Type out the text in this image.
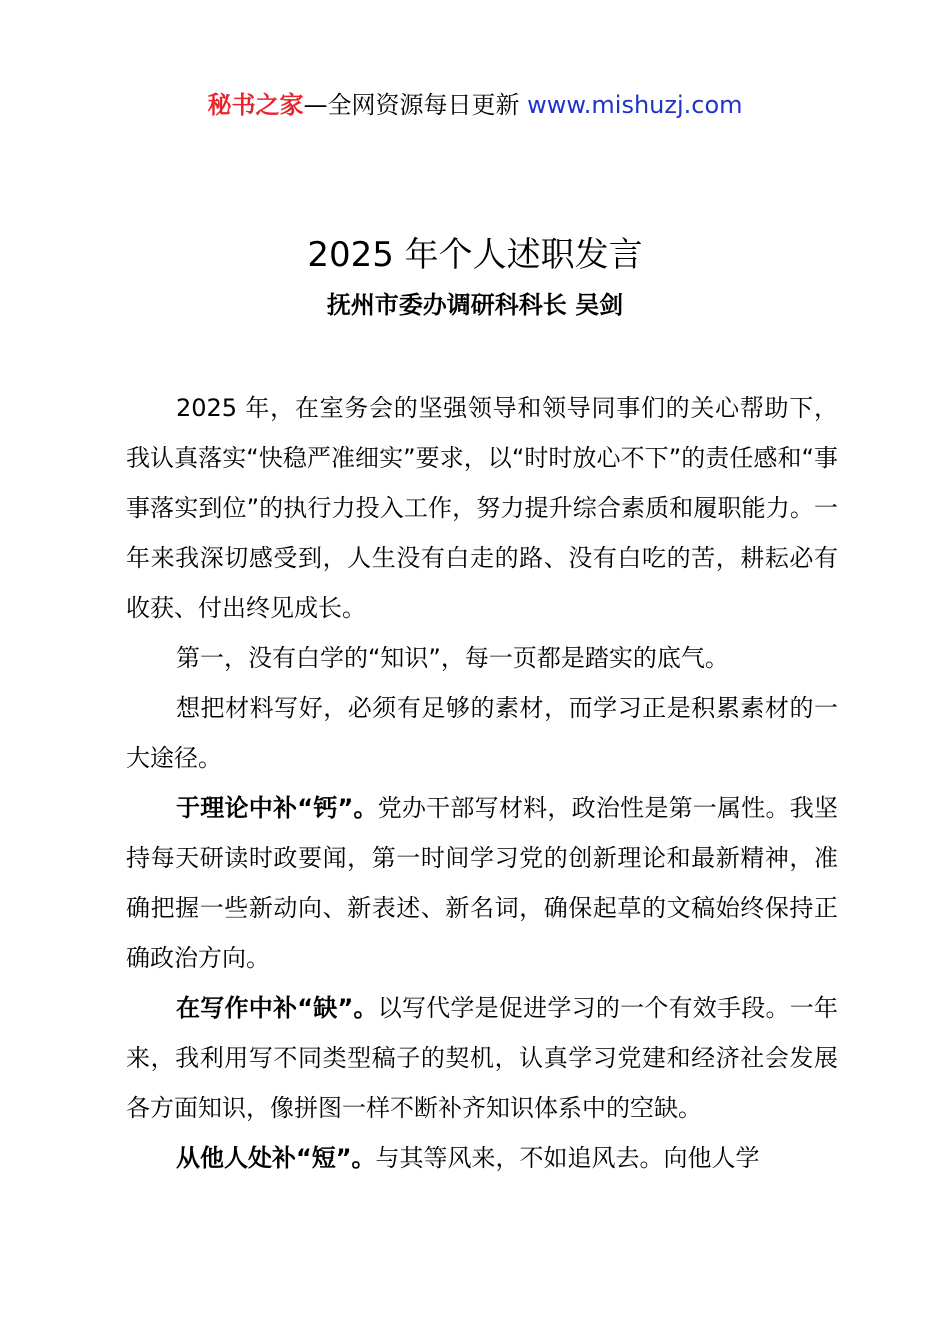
秘书之家—全网资源每日更新 www.mishuzj.com
2025 年个人述职发言
抚州市委办调研科科长 吴剑

2025 年，在室务会的坚强领导和领导同事们的关心帮助下，我认真落实“快稳严准细实”要求，以“时时放心不下”的责任感和“事事落实到位”的执行力投入工作，努力提升综合素质和履职能力。一年来我深切感受到，人生没有白走的路、没有白吃的苦，耕耘必有收获、付出终见成长。

第一，没有白学的“知识”，每一页都是踏实的底气。

想把材料写好，必须有足够的素材，而学习正是积累素材的一大途径。

于理论中补“钙”。党办干部写材料，政治性是第一属性。我坚持每天研读时政要闻，第一时间学习党的创新理论和最新精神，准确把握一些新动向、新表述、新名词，确保起草的文稿始终保持正确政治方向。

在写作中补“缺”。以写代学是促进学习的一个有效手段。一年来，我利用写不同类型稿子的契机，认真学习党建和经济社会发展各方面知识，像拼图一样不断补齐知识体系中的空缺。

从他人处补“短”。与其等风来，不如追风去。向他人学
